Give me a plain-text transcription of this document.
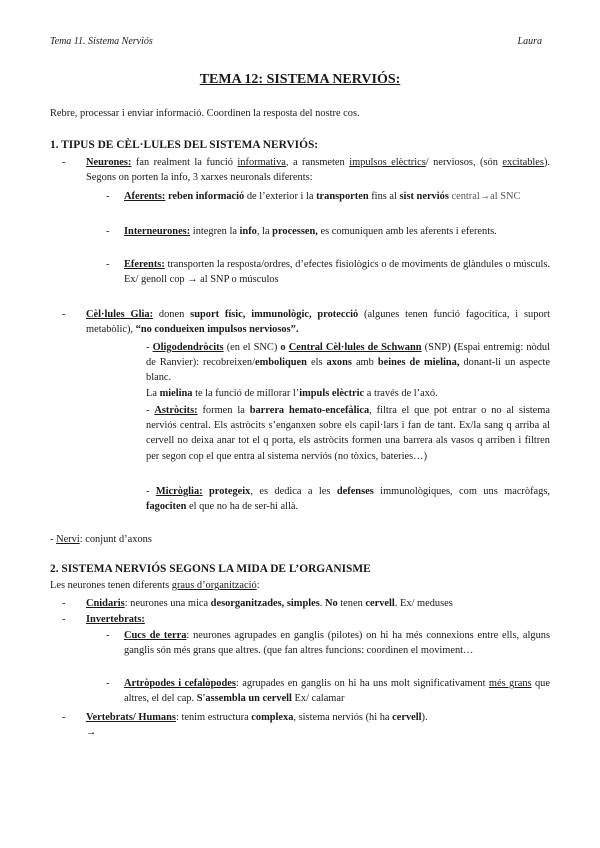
Tema 11. Sistema Nerviós	Laura
TEMA 12: SISTEMA NERVIÓS:
Rebre, processar i enviar informació. Coordinen la resposta del nostre cos.
1. TIPUS DE CÈL·LULES DEL SISTEMA NERVIÓS:
- Neurones: fan realment la funció informativa, a ransmeten impulsos elèctrics/ nerviosos, (són excitables). Segons on porten la info, 3 xarxes neuronals diferents:
- Aferents: reben informació de l’exterior i la transporten fins al sist nerviós central→al SNC
- Interneurones: integren la info, la processen, es comuniquen amb les aferents i eferents.
- Eferents: transporten la resposta/ordres, d’efectes fisiològics o de moviments de glàndules o músculs. Ex/ genoll cop → al SNP o músculos
- Cèl·lules Glia: donen suport físic, immunològic, protecció (algunes tenen funció fagocítica, i suport metabòlic), “no condueixen impulsos nerviosos”.
- Oligodendròcits (en el SNC) o Central Cèl·lules de Schwann (SNP) (Espai entremig: nòdul de Ranvier): recobreixen/emboliquen els axons amb beines de mielina, donant-li un aspecte blanc.
La mielina te la funció de millorar l’impuls elèctric a través de l’axó.
- Astròcits: formen la barrera hemato-encefàlica, filtra el que pot entrar o no al sistema nerviós central. Els astròcits s’enganxen sobre els capil·lars i fan de tant. Ex/la sang q arriba al cervell no deixa anar tot el q porta, els astròcits formen una barrera als vasos q arriben i filtren per segon cop el que entra al sistema nerviós (no tòxics, bateries…)
- Micròglia: protegeix, es dedica a les defenses immunològiques, com uns macròfags, fagociten el que no ha de ser-hi allà.
- Nervi: conjunt d’axons
2. SISTEMA NERVIÓS SEGONS LA MIDA DE L’ORGANISME
Les neurones tenen diferents graus d’organització:
- Cnidaris: neurones una mica desorganitzades, simples. No tenen cervell. Ex/ meduses
- Invertebrats:
- Cucs de terra: neurones agrupades en ganglis (pilotes) on hi ha més connexions entre ells, alguns ganglis són més grans que altres. (que fan altres funcions: coordinen el moviment…
- Artròpodes i cefalòpodes: agrupades en ganglis on hi ha uns molt significativament més grans que altres, el del cap. S'assembla un cervell Ex/ calamar
- Vertebrats/ Humans: tenim estructura complexa, sistema nerviós (hi ha cervell).
→
